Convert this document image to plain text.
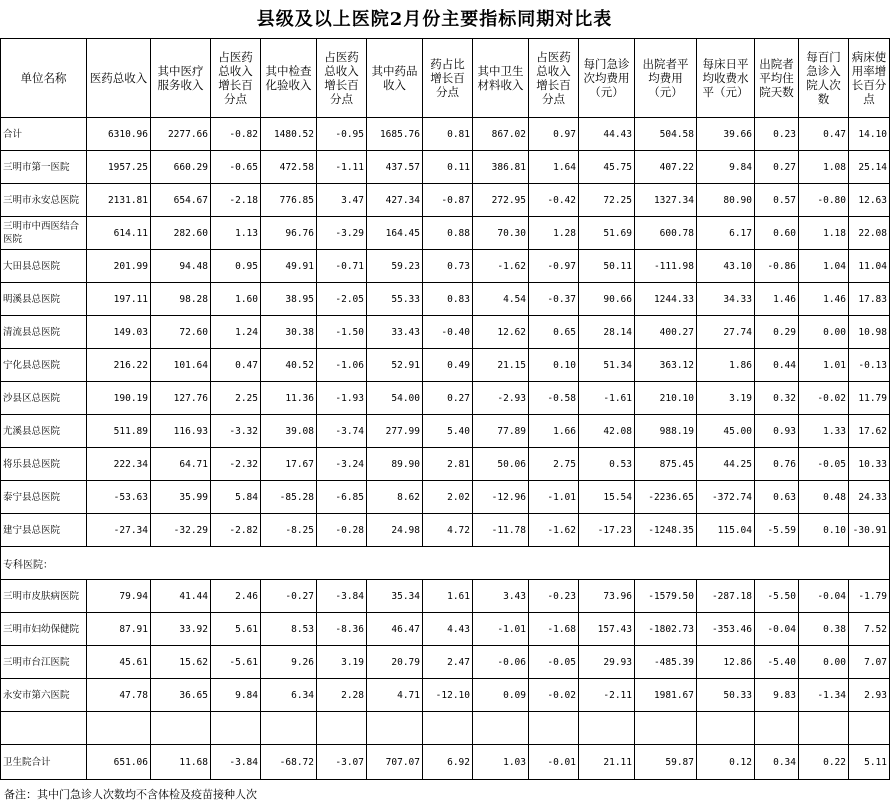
县级及以上医院2月份主要指标同期对比表
单位名称	医药总收入	其中医疗服务收入	占医药总收入增长百分点	其中检查化验收入	占医药总收入增长百分点	其中药品收入	药占比增长百分点	其中卫生材料收入	占医药总收入增长百分点	每门急诊次均费用（元）	出院者平均费用（元）	每床日平均收费水平（元）	出院者平均住院天数	每百门急诊入院人次数	病床使用率增长百分点
合计	6310.96	2277.66	-0.82	1480.52	-0.95	1685.76	0.81	867.02	0.97	44.43	504.58	39.66	0.23	0.47	14.10
三明市第一医院	1957.25	660.29	-0.65	472.58	-1.11	437.57	0.11	386.81	1.64	45.75	407.22	9.84	0.27	1.08	25.14
三明市永安总医院	2131.81	654.67	-2.18	776.85	3.47	427.34	-0.87	272.95	-0.42	72.25	1327.34	80.90	0.57	-0.80	12.63
三明市中西医结合医院	614.11	282.60	1.13	96.76	-3.29	164.45	0.88	70.30	1.28	51.69	600.78	6.17	0.60	1.18	22.08
大田县总医院	201.99	94.48	0.95	49.91	-0.71	59.23	0.73	-1.62	-0.97	50.11	-111.98	43.10	-0.86	1.04	11.04
明溪县总医院	197.11	98.28	1.60	38.95	-2.05	55.33	0.83	4.54	-0.37	90.66	1244.33	34.33	1.46	1.46	17.83
清流县总医院	149.03	72.60	1.24	30.38	-1.50	33.43	-0.40	12.62	0.65	28.14	400.27	27.74	0.29	0.00	10.98
宁化县总医院	216.22	101.64	0.47	40.52	-1.06	52.91	0.49	21.15	0.10	51.34	363.12	1.86	0.44	1.01	-0.13
沙县区总医院	190.19	127.76	2.25	11.36	-1.93	54.00	0.27	-2.93	-0.58	-1.61	210.10	3.19	0.32	-0.02	11.79
尤溪县总医院	511.89	116.93	-3.32	39.08	-3.74	277.99	5.40	77.89	1.66	42.08	988.19	45.00	0.93	1.33	17.62
将乐县总医院	222.34	64.71	-2.32	17.67	-3.24	89.90	2.81	50.06	2.75	0.53	875.45	44.25	0.76	-0.05	10.33
泰宁县总医院	-53.63	35.99	5.84	-85.28	-6.85	8.62	2.02	-12.96	-1.01	15.54	-2236.65	-372.74	0.63	0.48	24.33
建宁县总医院	-27.34	-32.29	-2.82	-8.25	-0.28	24.98	4.72	-11.78	-1.62	-17.23	-1248.35	115.04	-5.59	0.10	-30.91
专科医院：															
三明市皮肤病医院	79.94	41.44	2.46	-0.27	-3.84	35.34	1.61	3.43	-0.23	73.96	-1579.50	-287.18	-5.50	-0.04	-1.79
三明市妇幼保健院	87.91	33.92	5.61	8.53	-8.36	46.47	4.43	-1.01	-1.68	157.43	-1802.73	-353.46	-0.04	0.38	7.52
三明市台江医院	45.61	15.62	-5.61	9.26	3.19	20.79	2.47	-0.06	-0.05	29.93	-485.39	12.86	-5.40	0.00	7.07
永安市第六医院	47.78	36.65	9.84	6.34	2.28	4.71	-12.10	0.09	-0.02	-2.11	1981.67	50.33	9.83	-1.34	2.93

卫生院合计	651.06	11.68	-3.84	-68.72	-3.07	707.07	6.92	1.03	-0.01	21.11	59.87	0.12	0.34	0.22	5.11
备注：其中门急诊人次数均不含体检及疫苗接种人次
